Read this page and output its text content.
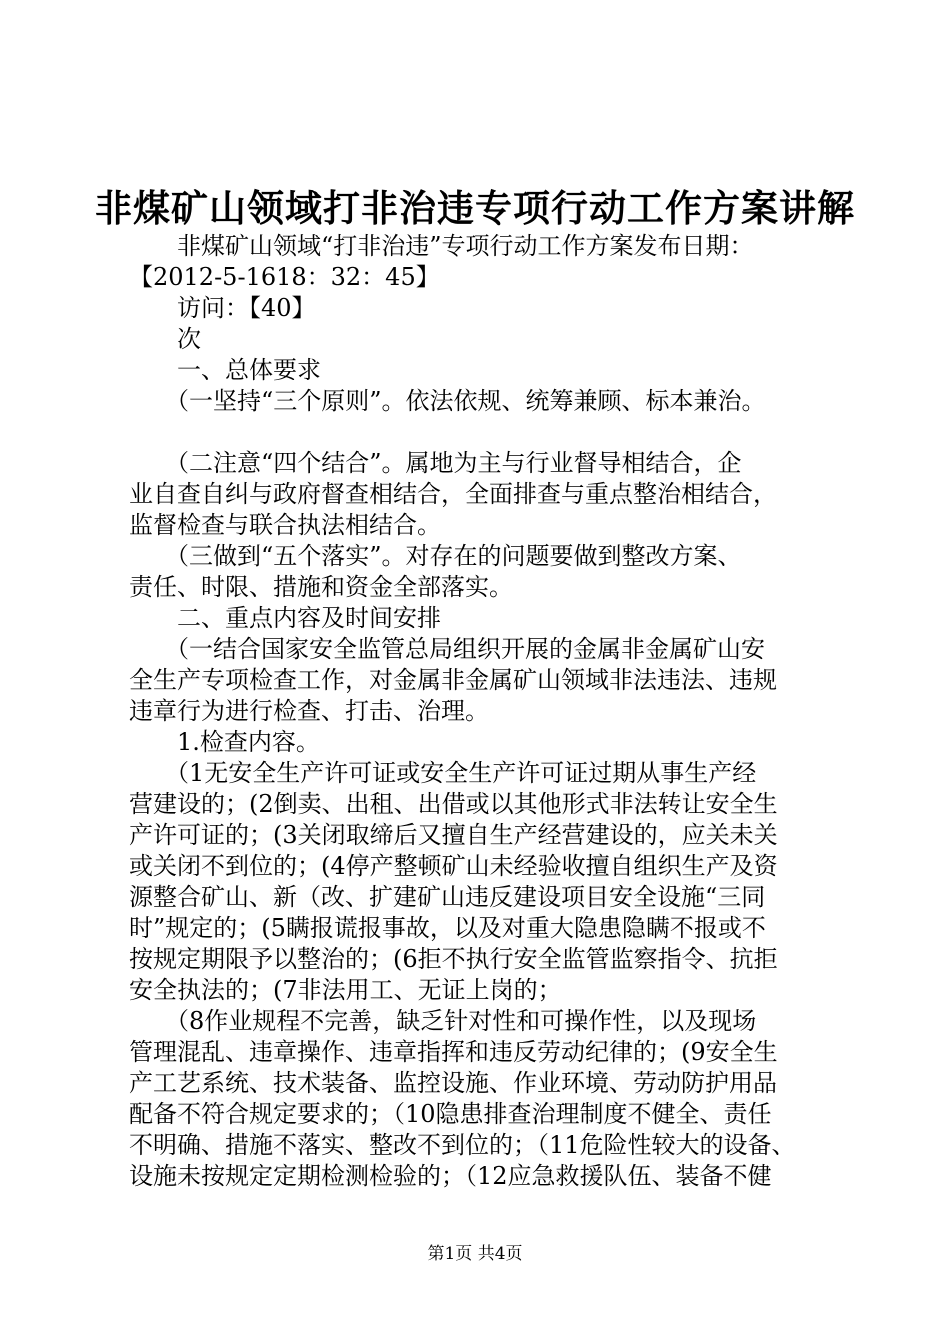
非煤矿山领域打非治违专项行动工作方案讲解
　　非煤矿山领域“打非治违”专项行动工作方案发布日期：
【2012-5-1618：32：45】
　　访问：【40】
　　次
　　一、总体要求
　　（一坚持“三个原则”。依法依规、统筹兼顾、标本兼治。
　　（二注意“四个结合”。属地为主与行业督导相结合，企
业自查自纠与政府督查相结合，全面排查与重点整治相结合，
监督检查与联合执法相结合。
　　（三做到“五个落实”。对存在的问题要做到整改方案、
责任、时限、措施和资金全部落实。
　　二、重点内容及时间安排
　　（一结合国家安全监管总局组织开展的金属非金属矿山安
全生产专项检查工作，对金属非金属矿山领域非法违法、违规
违章行为进行检查、打击、治理。
　　1.检查内容。
　　（1无安全生产许可证或安全生产许可证过期从事生产经
营建设的；(2倒卖、出租、出借或以其他形式非法转让安全生
产许可证的；(3关闭取缔后又擅自生产经营建设的，应关未关
或关闭不到位的；(4停产整顿矿山未经验收擅自组织生产及资
源整合矿山、新（改、扩建矿山违反建设项目安全设施“三同
时”规定的；(5瞒报谎报事故，以及对重大隐患隐瞒不报或不
按规定期限予以整治的；(6拒不执行安全监管监察指令、抗拒
安全执法的；(7非法用工、无证上岗的；
　　（8作业规程不完善，缺乏针对性和可操作性，以及现场
管理混乱、违章操作、违章指挥和违反劳动纪律的；(9安全生
产工艺系统、技术装备、监控设施、作业环境、劳动防护用品
配备不符合规定要求的；（10隐患排查治理制度不健全、责任
不明确、措施不落实、整改不到位的；（11危险性较大的设备、
设施未按规定定期检测检验的；（12应急救援队伍、装备不健
第1页 共4页
